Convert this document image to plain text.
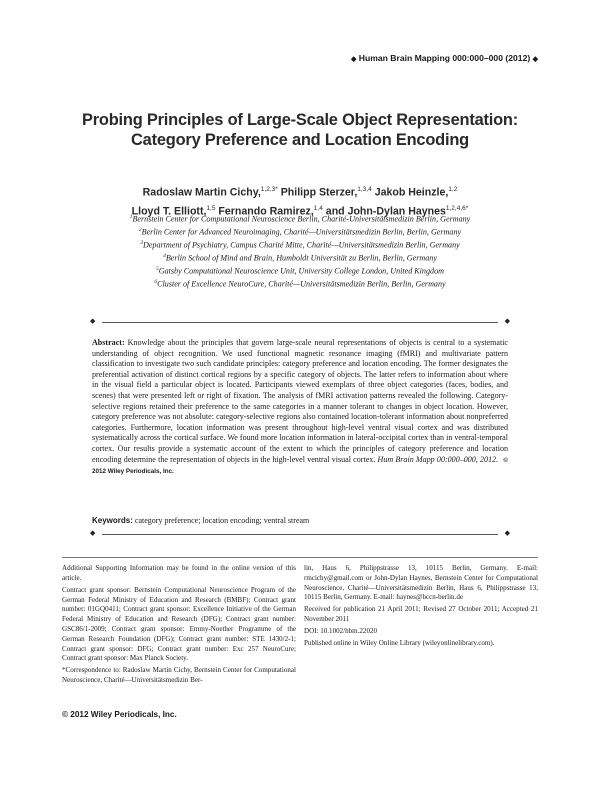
◆ Human Brain Mapping 000:000–000 (2012) ◆
Probing Principles of Large-Scale Object Representation:
Category Preference and Location Encoding
Radoslaw Martin Cichy,$^{1,2,3*}$ Philipp Sterzer,$^{1,3,4}$ Jakob Heinzle,$^{1,2}$
Lloyd T. Elliott,$^{1,5}$ Fernando Ramirez,$^{1,4}$ and John-Dylan Haynes$^{1,2,4,6*}$
$^1$Bernstein Center for Computational Neuroscience Berlin, Charité-Universitätsmedizin Berlin, Germany
$^2$Berlin Center for Advanced Neuroimaging, Charité—Universitätsmedizin Berlin, Berlin, Germany
$^3$Department of Psychiatry, Campus Charité Mitte, Charité—Universitätsmedizin Berlin, Germany
$^4$Berlin School of Mind and Brain, Humboldt Universität zu Berlin, Berlin, Germany
$^5$Gatsby Computational Neuroscience Unit, University College London, United Kingdom
$^6$Cluster of Excellence NeuroCure, Charité—Universitätsmedizin Berlin, Berlin, Germany
◆	◆
Abstract: Knowledge about the principles that govern large-scale neural representations of objects is central to a systematic understanding of object recognition. We used functional magnetic resonance imaging (fMRI) and multivariate pattern classification to investigate two such candidate principles: category preference and location encoding. The former designates the preferential activation of distinct cortical regions by a specific category of objects. The latter refers to information about where in the visual field a particular object is located. Participants viewed exemplars of three object categories (faces, bodies, and scenes) that were presented left or right of fixation. The analysis of fMRI activation patterns revealed the following. Category-selective regions retained their preference to the same categories in a manner tolerant to changes in object location. However, category preference was not absolute: category-selective regions also contained location-tolerant information about nonpreferred categories. Furthermore, location information was present throughout high-level ventral visual cortex and was distributed systematically across the cortical surface. We found more location information in lateral-occipital cortex than in ventral-temporal cortex. Our results provide a systematic account of the extent to which the principles of category preference and location encoding determine the representation of objects in the high-level ventral visual cortex. Hum Brain Mapp 00:000–000, 2012. © 2012 Wiley Periodicals, Inc.
Keywords: category preference; location encoding; ventral stream
◆	◆

Additional Supporting Information may be found in the online version of this article.

Contract grant sponsor: Bernstein Computational Neuroscience Program of the German Federal Ministry of Education and Research (BMBF); Contract grant number: 01GQ0411; Contract grant sponsor: Excellence Initiative of the German Federal Ministry of Education and Research (DFG); Contract grant number: GSC86/1-2009; Contract grant sponsor: Emmy-Noether Programme of the German Research Foundation (DFG); Contract grant number: STE 1430/2-1; Contract grant sponsor: DFG; Contract grant number: Exc 257 NeuroCure; Contract grant sponsor: Max Planck Society.

*Correspondence to: Radoslaw Martin Cichy, Bernstein Center for Computational Neuroscience, Charité—Universitätsmedizin Ber-

lin, Haus 6, Philippstrasse 13, 10115 Berlin, Germany. E-mail: rmcichy@gmail.com or John-Dylan Haynes, Bernstein Center for Computational Neuroscience, Charité—Universitätsmedizin Berlin, Haus 6, Philippstrasse 13, 10115 Berlin, Germany. E-mail: haynes@bccn-berlin.de

Received for publication 21 April 2011; Revised 27 October 2011; Accepted 21 November 2011

DOI: 10.1002/hbm.22020

Published online in Wiley Online Library (wileyonlinelibrary.com).

© 2012 Wiley Periodicals, Inc.
